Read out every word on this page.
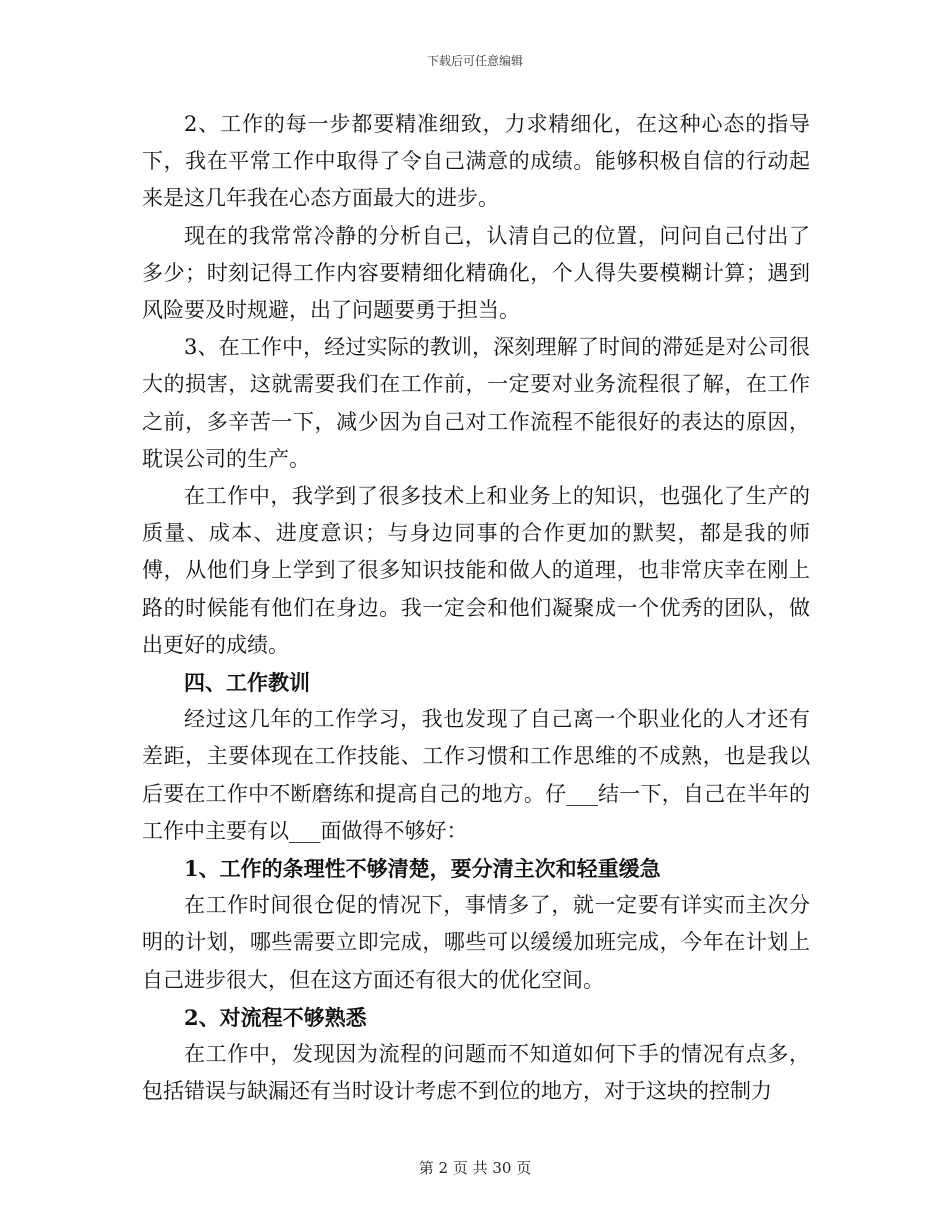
下载后可任意编辑

2、工作的每一步都要精准细致，力求精细化，在这种心态的指导下，我在平常工作中取得了令自己满意的成绩。能够积极自信的行动起来是这几年我在心态方面最大的进步。

现在的我常常冷静的分析自己，认清自己的位置，问问自己付出了多少；时刻记得工作内容要精细化精确化，个人得失要模糊计算；遇到风险要及时规避，出了问题要勇于担当。

3、在工作中，经过实际的教训，深刻理解了时间的滞延是对公司很大的损害，这就需要我们在工作前，一定要对业务流程很了解，在工作之前，多辛苦一下，减少因为自己对工作流程不能很好的表达的原因，耽误公司的生产。

在工作中，我学到了很多技术上和业务上的知识，也强化了生产的质量、成本、进度意识；与身边同事的合作更加的默契，都是我的师傅，从他们身上学到了很多知识技能和做人的道理，也非常庆幸在刚上路的时候能有他们在身边。我一定会和他们凝聚成一个优秀的团队，做出更好的成绩。

四、工作教训

经过这几年的工作学习，我也发现了自己离一个职业化的人才还有差距，主要体现在工作技能、工作习惯和工作思维的不成熟，也是我以后要在工作中不断磨练和提高自己的地方。仔___结一下，自己在半年的工作中主要有以___面做得不够好：

1、工作的条理性不够清楚，要分清主次和轻重缓急

在工作时间很仓促的情况下，事情多了，就一定要有详实而主次分明的计划，哪些需要立即完成，哪些可以缓缓加班完成，今年在计划上自己进步很大，但在这方面还有很大的优化空间。

2、对流程不够熟悉

在工作中，发现因为流程的问题而不知道如何下手的情况有点多，包括错误与缺漏还有当时设计考虑不到位的地方，对于这块的控制力

第 2 页 共 30 页
